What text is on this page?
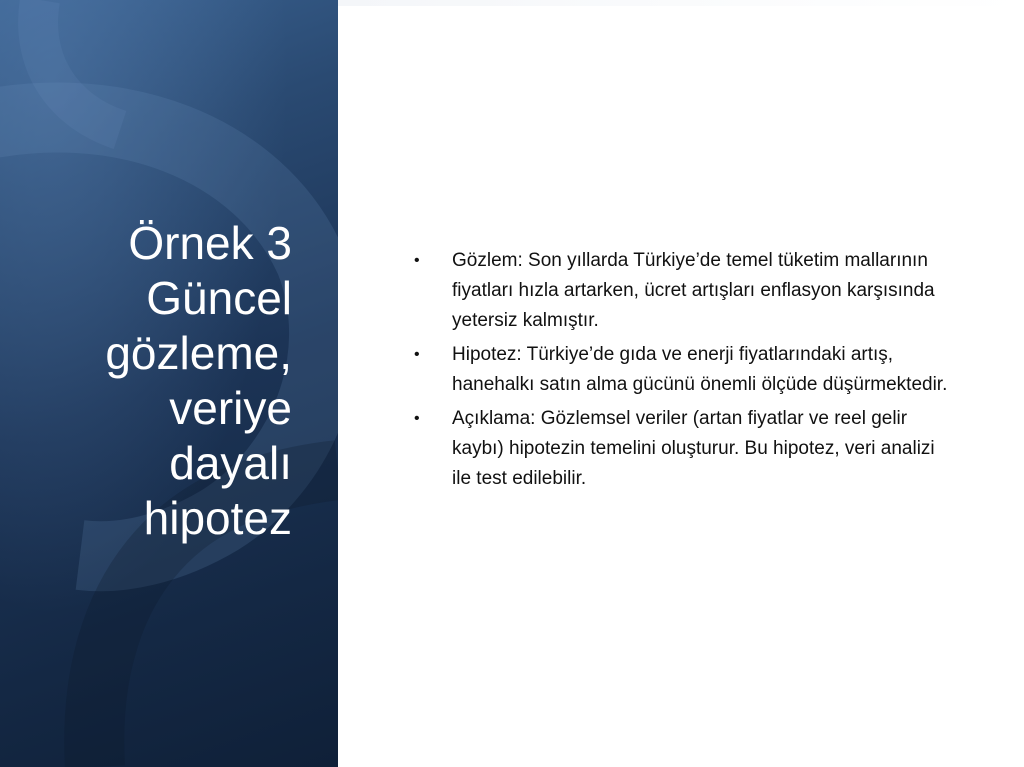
Örnek 3
Güncel
gözleme,
veriye
dayalı
hipotez
• Gözlem: Son yıllarda Türkiye’de temel tüketim mallarının fiyatları hızla artarken, ücret artışları enflasyon karşısında yetersiz kalmıştır.
• Hipotez: Türkiye’de gıda ve enerji fiyatlarındaki artış, hanehalkı satın alma gücünü önemli ölçüde düşürmektedir.
• Açıklama: Gözlemsel veriler (artan fiyatlar ve reel gelir kaybı) hipotezin temelini oluşturur. Bu hipotez, veri analizi ile test edilebilir.
